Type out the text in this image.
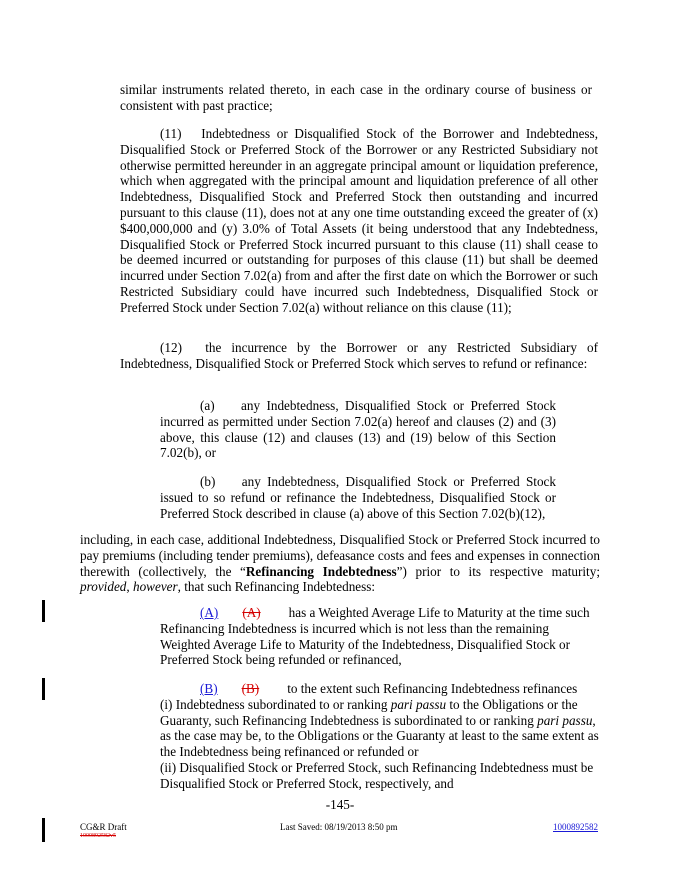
similar instruments related thereto, in each case in the ordinary course of business or consistent with past practice;
(11)  Indebtedness or Disqualified Stock of the Borrower and Indebtedness, Disqualified Stock or Preferred Stock of the Borrower or any Restricted Subsidiary not otherwise permitted hereunder in an aggregate principal amount or liquidation preference, which when aggregated with the principal amount and liquidation preference of all other Indebtedness, Disqualified Stock and Preferred Stock then outstanding and incurred pursuant to this clause (11), does not at any one time outstanding exceed the greater of (x) $400,000,000 and (y) 3.0% of Total Assets (it being understood that any Indebtedness, Disqualified Stock or Preferred Stock incurred pursuant to this clause (11) shall cease to be deemed incurred or outstanding for purposes of this clause (11) but shall be deemed incurred under Section 7.02(a) from and after the first date on which the Borrower or such Restricted Subsidiary could have incurred such Indebtedness, Disqualified Stock or Preferred Stock under Section 7.02(a) without reliance on this clause (11);
(12)  the incurrence by the Borrower or any Restricted Subsidiary of Indebtedness, Disqualified Stock or Preferred Stock which serves to refund or refinance:
(a)  any Indebtedness, Disqualified Stock or Preferred Stock incurred as permitted under Section 7.02(a) hereof and clauses (2) and (3) above, this clause (12) and clauses (13) and (19) below of this Section 7.02(b), or
(b)  any Indebtedness, Disqualified Stock or Preferred Stock issued to so refund or refinance the Indebtedness, Disqualified Stock or Preferred Stock described in clause (a) above of this Section 7.02(b)(12),
including, in each case, additional Indebtedness, Disqualified Stock or Preferred Stock incurred to pay premiums (including tender premiums), defeasance costs and fees and expenses in connection therewith (collectively, the “Refinancing Indebtedness”) prior to its respective maturity; provided, however, that such Refinancing Indebtedness:
(A) (A) has a Weighted Average Life to Maturity at the time such Refinancing Indebtedness is incurred which is not less than the remaining Weighted Average Life to Maturity of the Indebtedness, Disqualified Stock or Preferred Stock being refunded or refinanced,
(B) (B) to the extent such Refinancing Indebtedness refinances
(i) Indebtedness subordinated to or ranking pari passu to the Obligations or the Guaranty, such Refinancing Indebtedness is subordinated to or ranking pari passu, as the case may be, to the Obligations or the Guaranty at least to the same extent as the Indebtedness being refinanced or refunded or
(ii) Disqualified Stock or Preferred Stock, such Refinancing Indebtedness must be Disqualified Stock or Preferred Stock, respectively, and
-145-
CG&R Draft
1000892582v5
Last Saved: 08/19/2013 8:50 pm	1000892582
